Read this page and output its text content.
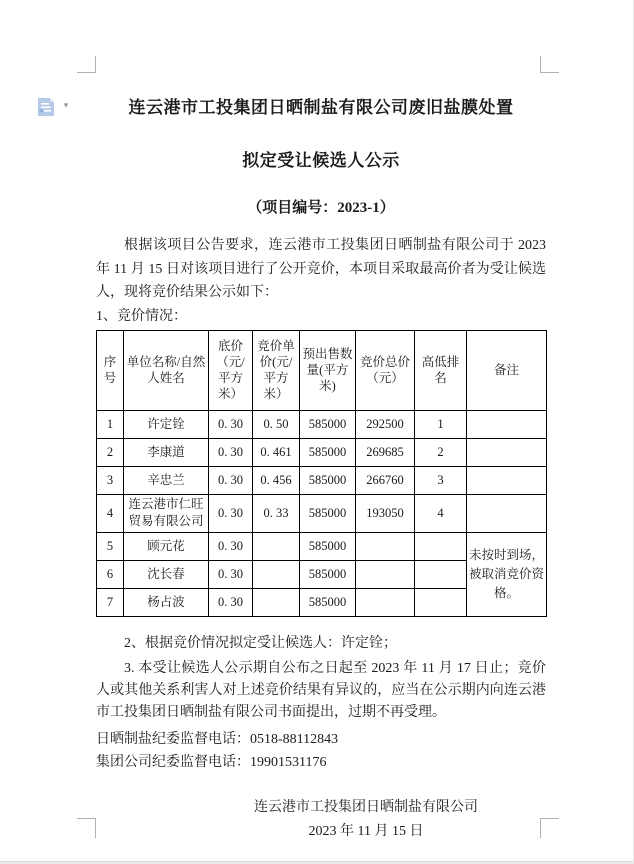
▾	连云港市工投集团日晒制盐有限公司废旧盐膜处置
拟定受让候选人公示
（项目编号：2023-1）

根据该项目公告要求，连云港市工投集团日晒制盐有限公司于 2023 年 11 月 15 日对该项目进行了公开竞价，本项目采取最高价者为受让候选人，现将竞价结果公示如下：

1、竞价情况：

序号	单位名称/自然人姓名	底价（元/平方米）	竞价单价(元/平方米）	预出售数量(平方米)	竞价总价（元）	高低排名	备注
1	许定铨	0. 30	0. 50	585000	292500	1	
2	李康道	0. 30	0. 461	585000	269685	2	
3	辛忠兰	0. 30	0. 456	585000	266760	3	
4	连云港市仁旺贸易有限公司	0. 30	0. 33	585000	193050	4	
5	顾元花	0. 30		585000			未按时到场，被取消竞价资格。
6	沈长春	0. 30		585000			
7	杨占波	0. 30		585000			

2、根据竞价情况拟定受让候选人：许定铨；

3. 本受让候选人公示期自公布之日起至 2023 年 11 月 17 日止；竞价人或其他关系利害人对上述竞价结果有异议的，应当在公示期内向连云港市工投集团日晒制盐有限公司书面提出，过期不再受理。

日晒制盐纪委监督电话：0518-88112843
集团公司纪委监督电话：19901531176
连云港市工投集团日晒制盐有限公司
2023 年 11 月 15 日
